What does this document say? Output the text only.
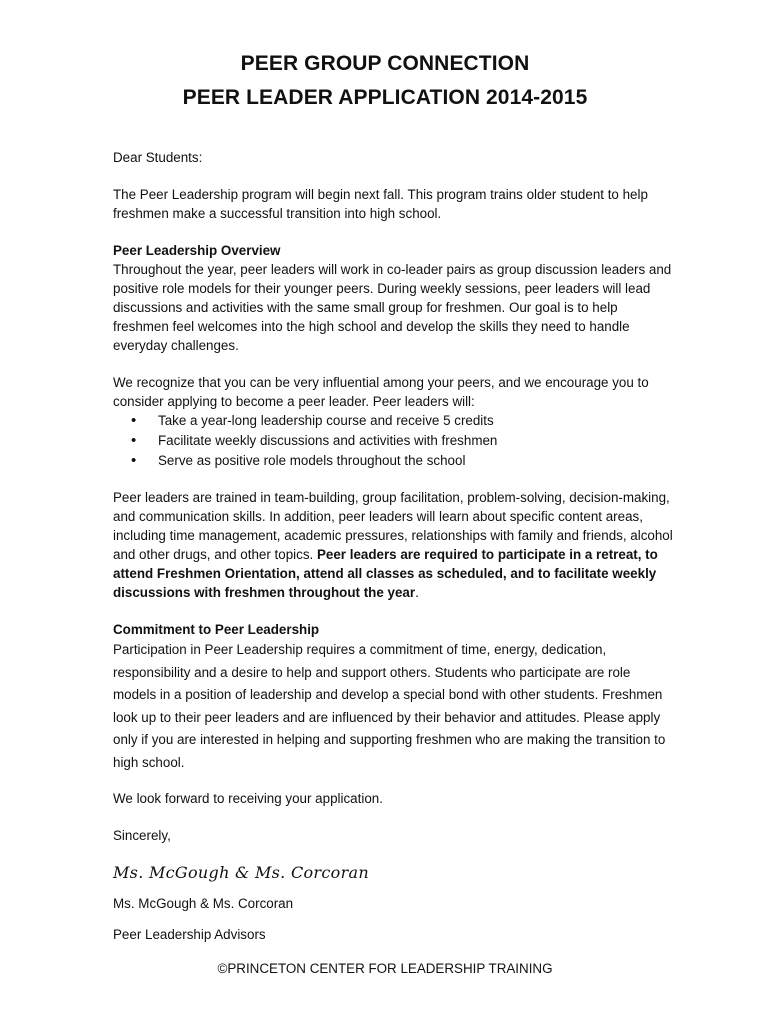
PEER GROUP CONNECTION
PEER LEADER APPLICATION 2014-2015

Dear Students:

The Peer Leadership program will begin next fall. This program trains older student to help freshmen make a successful transition into high school.

Peer Leadership Overview

Throughout the year, peer leaders will work in co-leader pairs as group discussion leaders and positive role models for their younger peers. During weekly sessions, peer leaders will lead discussions and activities with the same small group for freshmen. Our goal is to help freshmen feel welcomes into the high school and develop the skills they need to handle everyday challenges.

We recognize that you can be very influential among your peers, and we encourage you to consider applying to become a peer leader. Peer leaders will:

• Take a year-long leadership course and receive 5 credits
• Facilitate weekly discussions and activities with freshmen
• Serve as positive role models throughout the school

Peer leaders are trained in team-building, group facilitation, problem-solving, decision-making, and communication skills. In addition, peer leaders will learn about specific content areas, including time management, academic pressures, relationships with family and friends, alcohol and other drugs, and other topics. Peer leaders are required to participate in a retreat, to attend Freshmen Orientation, attend all classes as scheduled, and to facilitate weekly discussions with freshmen throughout the year.

Commitment to Peer Leadership

Participation in Peer Leadership requires a commitment of time, energy, dedication, responsibility and a desire to help and support others. Students who participate are role models in a position of leadership and develop a special bond with other students. Freshmen look up to their peer leaders and are influenced by their behavior and attitudes. Please apply only if you are interested in helping and supporting freshmen who are making the transition to high school.

We look forward to receiving your application.

Sincerely,

Ms. McGough & Ms. Corcoran

Ms. McGough & Ms. Corcoran

Peer Leadership Advisors

©PRINCETON CENTER FOR LEADERSHIP TRAINING
